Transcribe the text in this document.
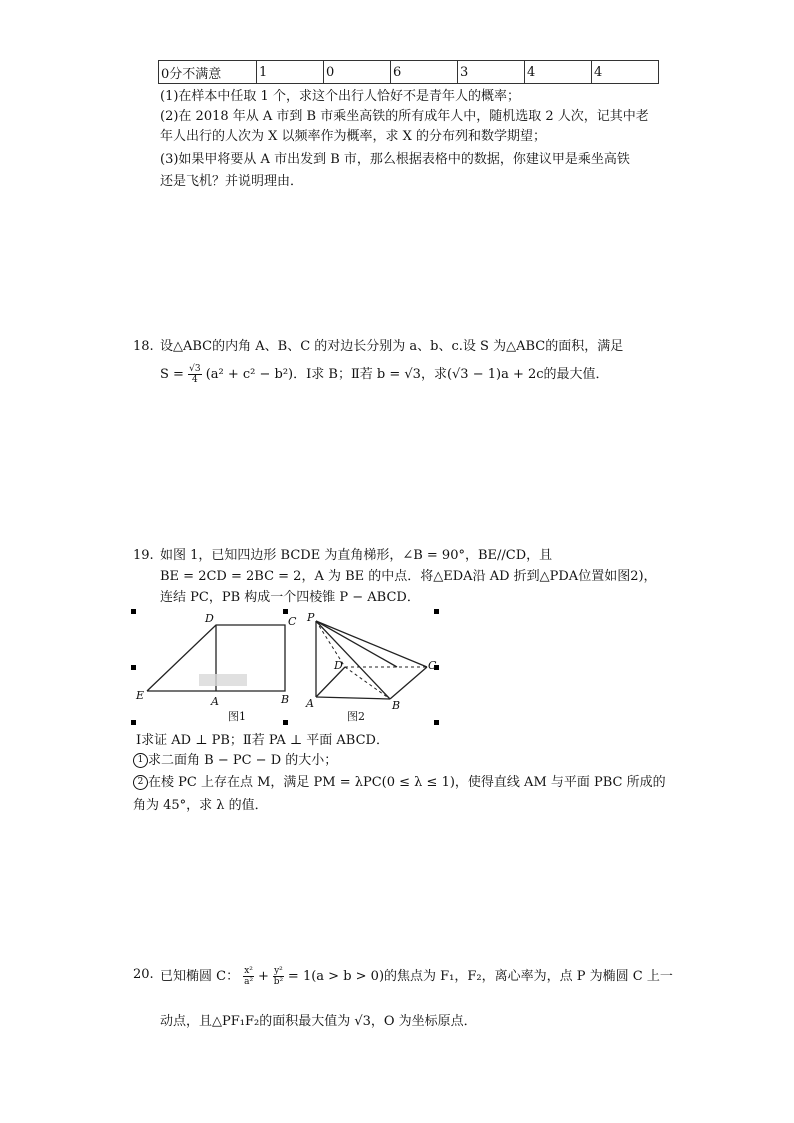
0分不满意	1	0	6	3	4	4
(1)在样本中任取 1 个，求这个出行人恰好不是青年人的概率；
(2)在 2018 年从 A 市到 B 市乘坐高铁的所有成年人中，随机选取 2 人次，记其中老
年人出行的人次为 X 以频率作为概率，求 X 的分布列和数学期望；
(3)如果甲将要从 A 市出发到 B 市，那么根据表格中的数据，你建议甲是乘坐高铁
还是飞机？并说明理由．
18. 设△ABC的内角 A、B、C 的对边长分别为 a、b、c.设 S 为△ABC的面积，满足
$S = \frac{√3}{4} (a^2 + c^2 - b^2)$．Ⅰ求 B；Ⅱ若 b = √3，求(√3 − 1)a + 2c的最大值．
19. 如图 1，已知四边形 BCDE 为直角梯形，∠B = 90°，BE//CD，且
BE = 2CD = 2BC = 2，A 为 BE 的中点．将△EDA沿 AD 折到△PDA位置如图2)，
连结 PC，PB 构成一个四棱锥 P − ABCD．
D	C
E	A	B
图1
P
D	C
A	B
图2
Ⅰ求证 AD ⊥ PB；Ⅱ若 PA ⊥ 平面 ABCD．
1 求二面角 B − PC − D 的大小；
2 在棱 PC 上存在点 M，满足 PM = λPC(0 ≤ λ ≤ 1)，使得直线 AM 与平面 PBC 所成的
角为 45°，求 λ 的值．
20. 已知椭圆 C： $\frac{\text{x²}}{\text{a²}} + \frac{\text{y²}}{\text{b²}} = 1(a > b > 0)$的焦点为 F₁，F₂，离心率为，点 P 为椭圆 C 上一
动点，且△PF₁F₂的面积最大值为 √3，O 为坐标原点．
